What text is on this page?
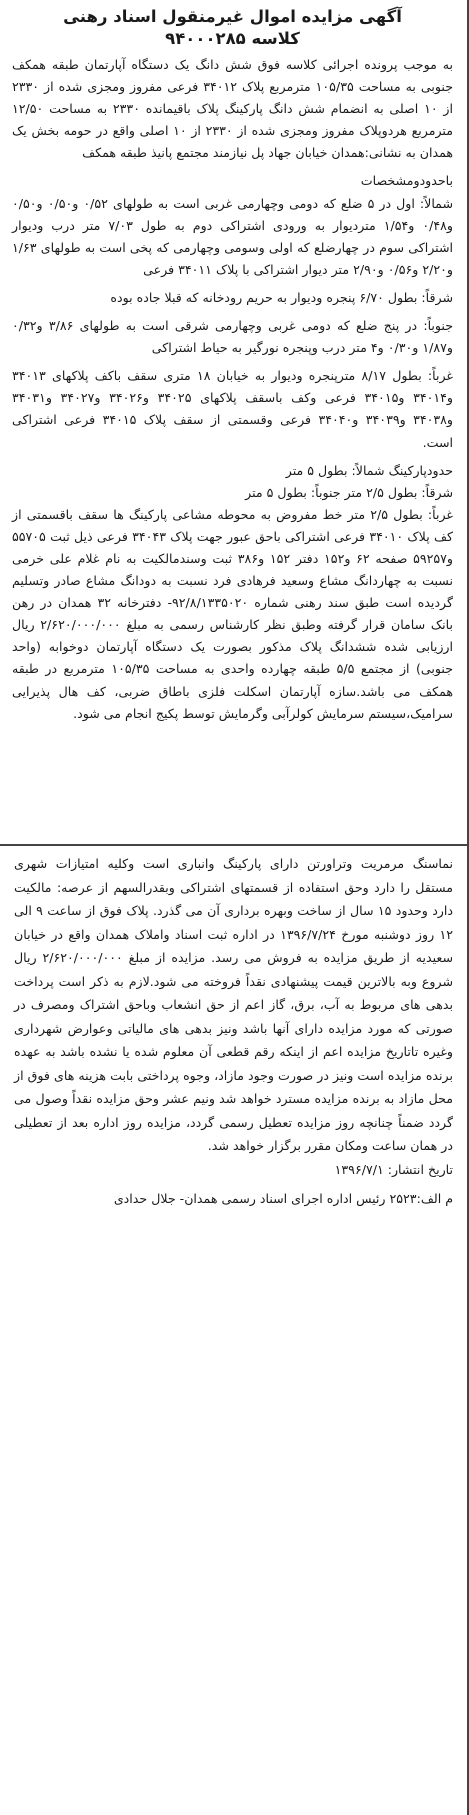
آگهی مزایده اموال غیرمنقول اسناد رهنی
کلاسه ۹۴۰۰۰۲۸۵

به موجب پرونده اجرائی کلاسه فوق شش دانگ یک دستگاه آپارتمان طبقه همکف جنوبی به مساحت ۱۰۵/۳۵ مترمربع پلاک ۳۴۰۱۲ فرعی مفروز ومجزی شده از ۲۳۳۰ از ۱۰ اصلی به انضمام شش دانگ پارکینگ پلاک باقیمانده ۲۳۳۰ به مساحت ۱۲/۵۰ مترمربع هردوپلاک مفروز ومجزی شده از ۲۳۳۰ از ۱۰ اصلی واقع در حومه بخش یک همدان به نشانی:همدان خیابان جهاد پل نیازمند مجتمع پانیذ طبقه همکف

باحدودومشخصات

شمالاً: اول در ۵ ضلع که دومی وچهارمی غربی است به طولهای ۰/۵۲ و۰/۵۰ و۰/۵۰ و۰/۴۸ و۱/۵۴ متردیوار به ورودی اشتراکی دوم به طول ۷/۰۳ متر درب ودیوار اشتراکی سوم در چهارضلع که اولی وسومی وچهارمی که پخی است به طولهای ۱/۶۳ و۲/۲۰ و۰/۵۶ و۲/۹۰ متر دیوار اشتراکی با پلاک ۳۴۰۱۱ فرعی

شرقاً: بطول ۶/۷۰ پنجره ودیوار به حریم رودخانه که قبلا جاده بوده

جنوباً: در پنج ضلع که دومی غربی وچهارمی شرقی است به طولهای ۳/۸۶ و۰/۳۲ و۱/۸۷ و۰/۳۰ و۴ متر درب وپنجره نورگیر به حیاط اشتراکی

غرباً: بطول ۸/۱۷ مترپنجره ودیوار به خیابان ۱۸ متری سقف باکف پلاکهای ۳۴۰۱۳ و۳۴۰۱۴ و۳۴۰۱۵ فرعی وکف باسقف پلاکهای ۳۴۰۲۵ و۳۴۰۲۶ و۳۴۰۲۷ و۳۴۰۳۱ و۳۴۰۳۸ و۳۴۰۳۹ و۳۴۰۴۰ فرعی وقسمتی از سقف پلاک ۳۴۰۱۵ فرعی اشتراکی است.

حدودپارکینگ شمالاً: بطول ۵ متر

شرقاً: بطول ۲/۵ متر جنوباً: بطول ۵ متر

غرباً: بطول ۲/۵ متر خط مفروض به محوطه مشاعی پارکینگ ها سقف باقسمتی از کف پلاک ۳۴۰۱۰ فرعی اشتراکی باحق عبور جهت پلاک ۳۴۰۴۳ فرعی ذیل ثبت ۵۵۷۰۵ و۵۹۲۵۷ صفحه ۶۲ و۱۵۲ دفتر ۱۵۲ و۳۸۶ ثبت وسندمالکیت به نام غلام علی خرمی نسبت به چهاردانگ مشاع وسعید فرهادی فرد نسبت به دودانگ مشاع صادر وتسلیم گردیده است طبق سند رهنی شماره ۹۲/۸/۱۳۳۵۰۲۰- دفترخانه ۳۲ همدان در رهن بانک سامان قرار گرفته وطبق نظر کارشناس رسمی به مبلغ ۲/۶۲۰/۰۰۰/۰۰۰ ریال ارزیابی شده ششدانگ پلاک مذکور بصورت یک دستگاه آپارتمان دوخوابه (واحد جنوبی) از مجتمع ۵/۵ طبقه چهارده واحدی به مساحت ۱۰۵/۳۵ مترمربع در طبقه همکف می باشد.سازه آپارتمان اسکلت فلزی باطاق ضربی، کف هال پذیرایی سرامیک،سیستم سرمایش کولرآبی وگرمایش توسط پکیج انجام می شود.

نماسنگ مرمریت وتراورتن دارای پارکینگ وانباری است وکلیه امتیازات شهری مستقل را دارد وحق استفاده از قسمتهای اشتراکی وبقدرالسهم از عرصه: مالکیت دارد وحدود ۱۵ سال از ساخت وبهره برداری آن می گذرد. پلاک فوق از ساعت ۹ الی ۱۲ روز دوشنبه مورخ ۱۳۹۶/۷/۲۴ در اداره ثبت اسناد واملاک همدان واقع در خیابان سعیدیه از طریق مزایده به فروش می رسد. مزایده از مبلغ ۲/۶۲۰/۰۰۰/۰۰۰ ریال شروع وبه بالاترین قیمت پیشنهادی نقداً فروخته می شود.لازم به ذکر است پرداخت بدهی های مربوط به آب، برق، گاز اعم از حق انشعاب وباحق اشتراک ومصرف در صورتی که مورد مزایده دارای آنها باشد ونیز بدهی های مالیاتی وعوارض شهرداری وغیره تاتاریخ مزایده اعم از اینکه رقم قطعی آن معلوم شده یا نشده باشد به عهده برنده مزایده است ونیز در صورت وجود مازاد، وجوه پرداختی بابت هزینه های فوق از محل مازاد به برنده مزایده مسترد خواهد شد ونیم عشر وحق مزایده نقداً وصول می گردد ضمناً چنانچه روز مزایده تعطیل رسمی گردد، مزایده روز اداره بعد از تعطیلی در همان ساعت ومکان مقرر برگزار خواهد شد.

تاریخ انتشار: ۱۳۹۶/۷/۱

م الف:۲۵۲۳ رئیس اداره اجرای اسناد رسمی همدان- جلال حدادی
